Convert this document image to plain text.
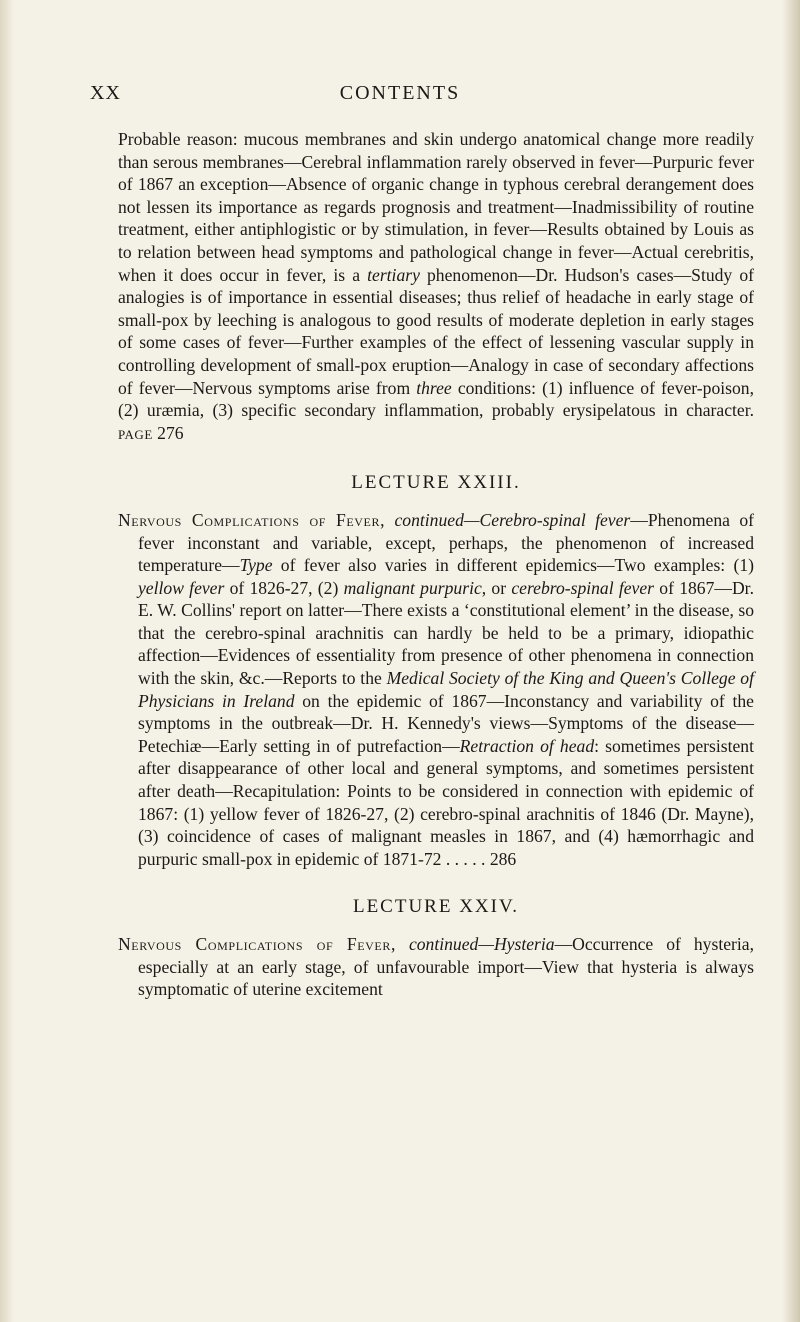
CONTENTS
XX

Probable reason: mucous membranes and skin undergo anatomical change more readily than serous membranes—Cerebral inflammation rarely observed in fever—Purpuric fever of 1867 an exception—Absence of organic change in typhous cerebral derangement does not lessen its importance as regards prognosis and treatment—Inadmissibility of routine treatment, either antiphlogistic or by stimulation, in fever—Results obtained by Louis as to relation between head symptoms and pathological change in fever—Actual cerebritis, when it does occur in fever, is a tertiary phenomenon—Dr. Hudson's cases—Study of analogies is of importance in essential diseases; thus relief of headache in early stage of small-pox by leeching is analogous to good results of moderate depletion in early stages of some cases of fever—Further examples of the effect of lessening vascular supply in controlling development of small-pox eruption—Analogy in case of secondary affections of fever—Nervous symptoms arise from three conditions: (1) influence of fever-poison, (2) uræmia, (3) specific secondary inflammation, probably erysipelatous in character. PAGE 276

LECTURE XXIII.

Nervous Complications of Fever, continued—Cerebro-spinal fever—Phenomena of fever inconstant and variable, except, perhaps, the phenomenon of increased temperature—Type of fever also varies in different epidemics—Two examples: (1) yellow fever of 1826-27, (2) malignant purpuric, or cerebro-spinal fever of 1867—Dr. E. W. Collins' report on latter—There exists a ‘constitutional element’ in the disease, so that the cerebro-spinal arachnitis can hardly be held to be a primary, idiopathic affection—Evidences of essentiality from presence of other phenomena in connection with the skin, &c.—Reports to the Medical Society of the King and Queen's College of Physicians in Ireland on the epidemic of 1867—Inconstancy and variability of the symptoms in the outbreak—Dr. H. Kennedy's views—Symptoms of the disease—Petechiæ—Early setting in of putrefaction—Retraction of head: sometimes persistent after disappearance of other local and general symptoms, and sometimes persistent after death—Recapitulation: Points to be considered in connection with epidemic of 1867: (1) yellow fever of 1826-27, (2) cerebro-spinal arachnitis of 1846 (Dr. Mayne), (3) coincidence of cases of malignant measles in 1867, and (4) hæmorrhagic and purpuric small-pox in epidemic of 1871-72 . . . . . 286

LECTURE XXIV.

Nervous Complications of Fever, continued—Hysteria—Occurrence of hysteria, especially at an early stage, of unfavourable import—View that hysteria is always symptomatic of uterine excitement
